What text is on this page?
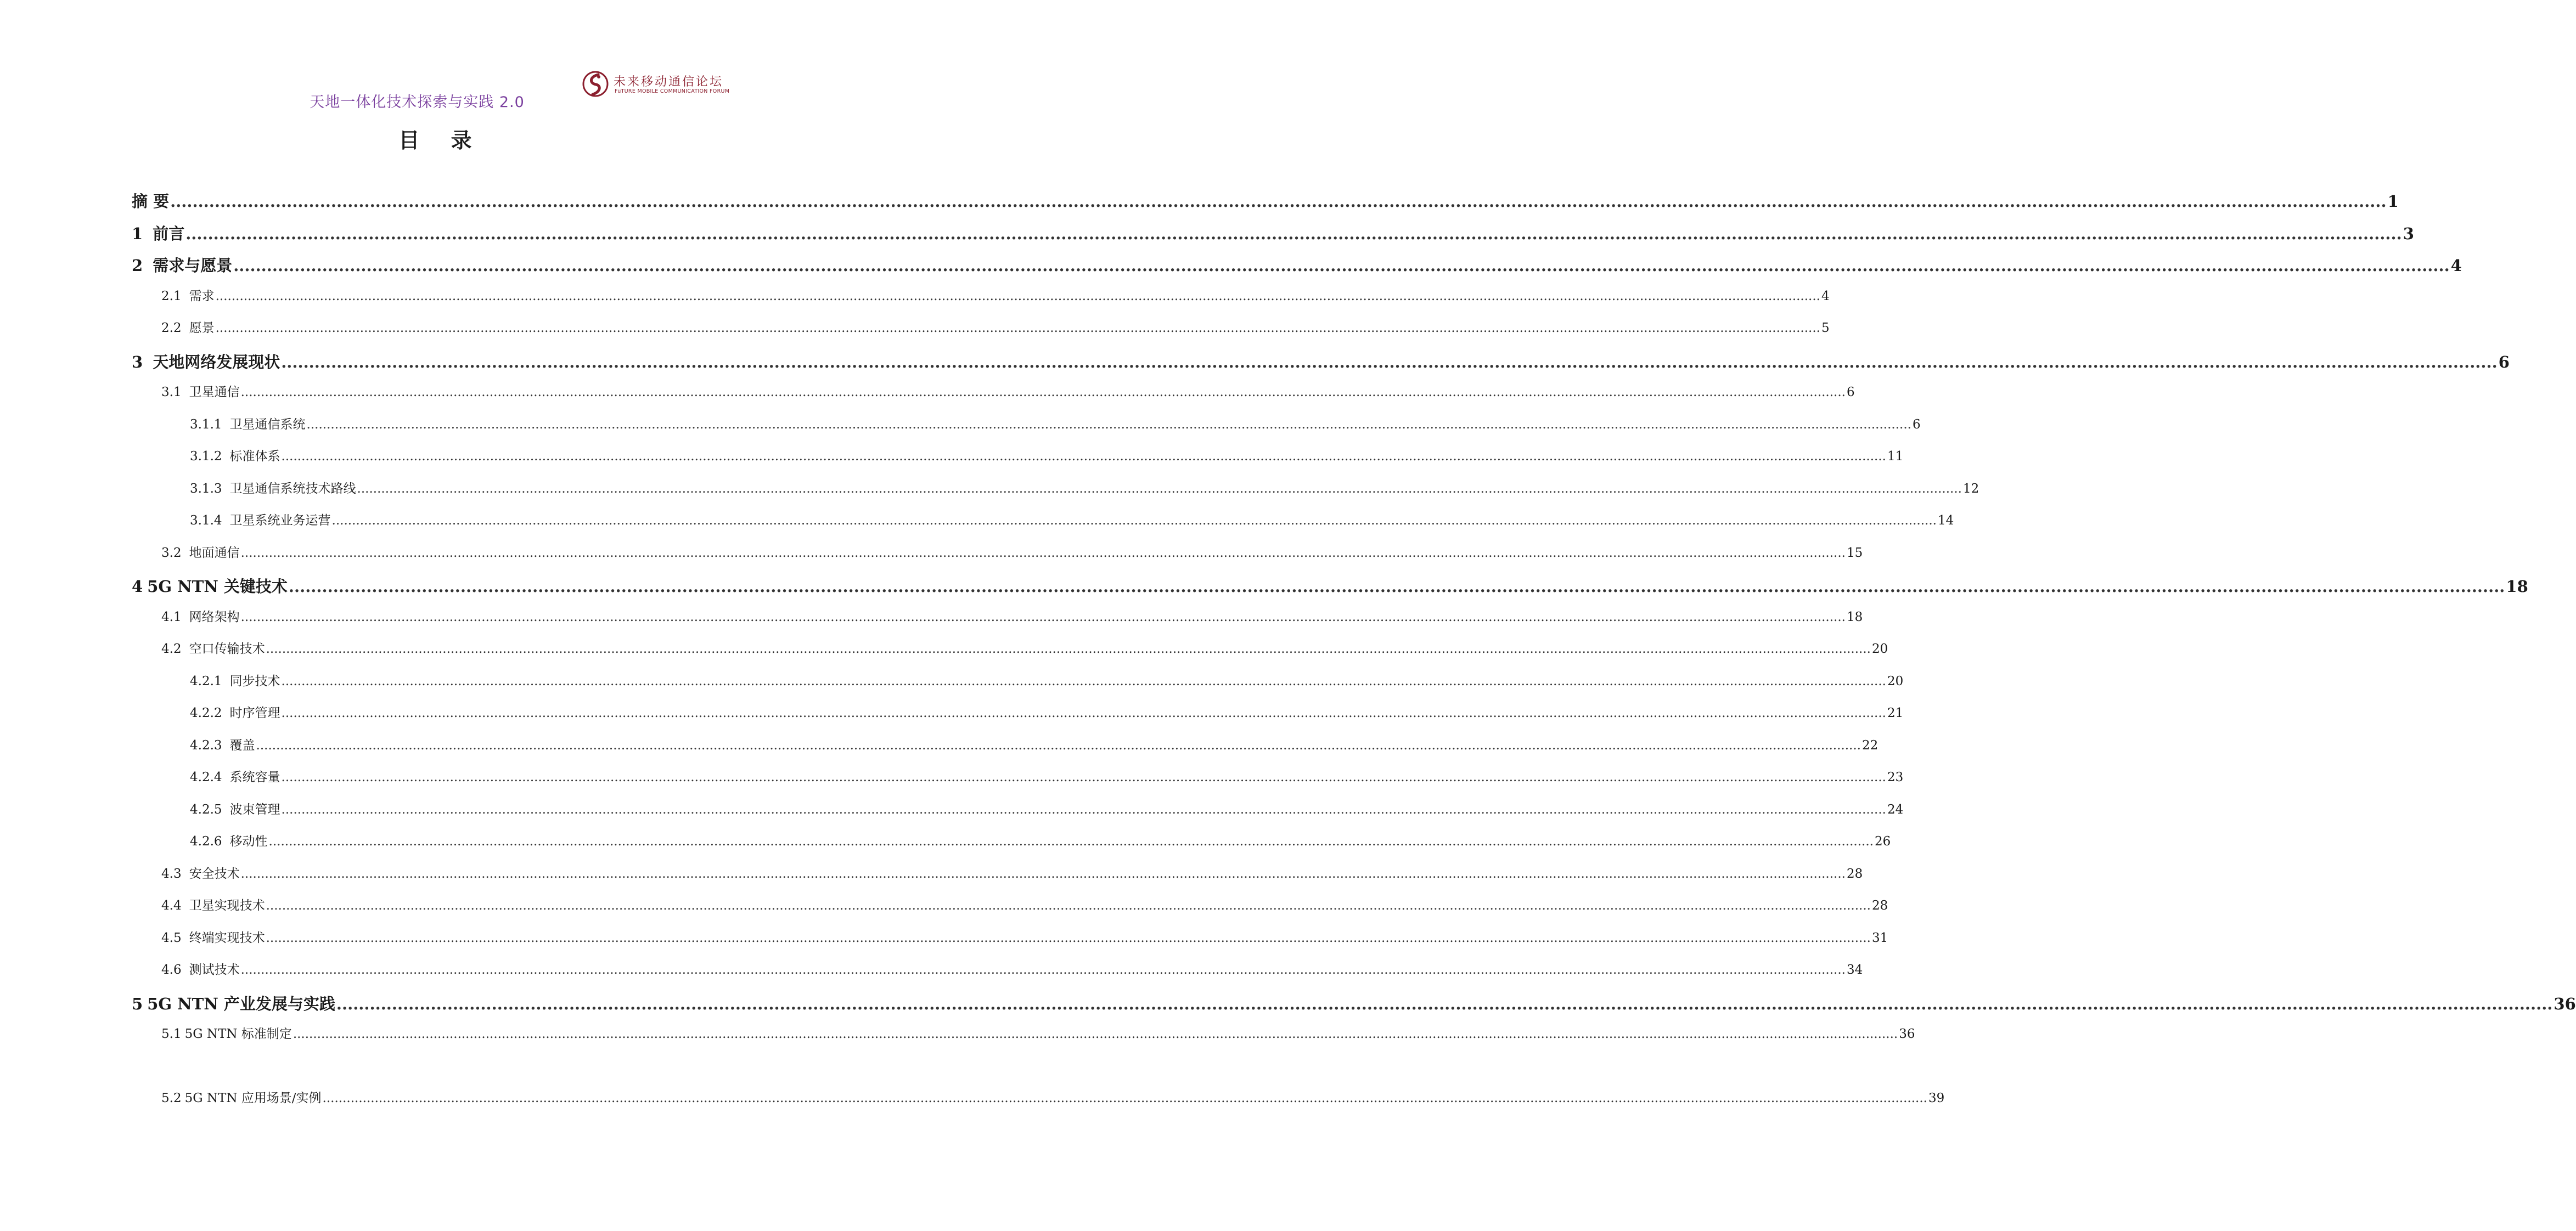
天地一体化技术探索与实践 2.0
未来移动通信论坛
FuTURE MOBILE COMMUNICATION FORUM
目 录
摘 要 ................................................................................................................................................................................................................................................................................................................................................................................................................ 1
1 前言 ................................................................................................................................................................................................................................................................................................................................................................................................................ 3
2 需求与愿景 ................................................................................................................................................................................................................................................................................................................................................................................................................ 4
2.1 需求 ................................................................................................................................................................................................................................................................................................................................................................................................................ 4
2.2 愿景 ................................................................................................................................................................................................................................................................................................................................................................................................................ 5
3 天地网络发展现状 ................................................................................................................................................................................................................................................................................................................................................................................................................ 6
3.1 卫星通信 ................................................................................................................................................................................................................................................................................................................................................................................................................ 6
3.1.1 卫星通信系统 ................................................................................................................................................................................................................................................................................................................................................................................................................ 6
3.1.2 标准体系 ................................................................................................................................................................................................................................................................................................................................................................................................................ 11
3.1.3 卫星通信系统技术路线 ................................................................................................................................................................................................................................................................................................................................................................................................................ 12
3.1.4 卫星系统业务运营 ................................................................................................................................................................................................................................................................................................................................................................................................................ 14
3.2 地面通信 ................................................................................................................................................................................................................................................................................................................................................................................................................ 15
4 5G NTN 关键技术 ................................................................................................................................................................................................................................................................................................................................................................................................................ 18
4.1 网络架构 ................................................................................................................................................................................................................................................................................................................................................................................................................ 18
4.2 空口传输技术 ................................................................................................................................................................................................................................................................................................................................................................................................................ 20
4.2.1 同步技术 ................................................................................................................................................................................................................................................................................................................................................................................................................ 20
4.2.2 时序管理 ................................................................................................................................................................................................................................................................................................................................................................................................................ 21
4.2.3 覆盖 ................................................................................................................................................................................................................................................................................................................................................................................................................ 22
4.2.4 系统容量 ................................................................................................................................................................................................................................................................................................................................................................................................................ 23
4.2.5 波束管理 ................................................................................................................................................................................................................................................................................................................................................................................................................ 24
4.2.6 移动性 ................................................................................................................................................................................................................................................................................................................................................................................................................ 26
4.3 安全技术 ................................................................................................................................................................................................................................................................................................................................................................................................................ 28
4.4 卫星实现技术 ................................................................................................................................................................................................................................................................................................................................................................................................................ 28
4.5 终端实现技术 ................................................................................................................................................................................................................................................................................................................................................................................................................ 31
4.6 测试技术 ................................................................................................................................................................................................................................................................................................................................................................................................................ 34
5 5G NTN 产业发展与实践 ................................................................................................................................................................................................................................................................................................................................................................................................................ 36
5.1 5G NTN 标准制定 ................................................................................................................................................................................................................................................................................................................................................................................................................ 36
5.2 5G NTN 应用场景/实例 ................................................................................................................................................................................................................................................................................................................................................................................................................ 39
